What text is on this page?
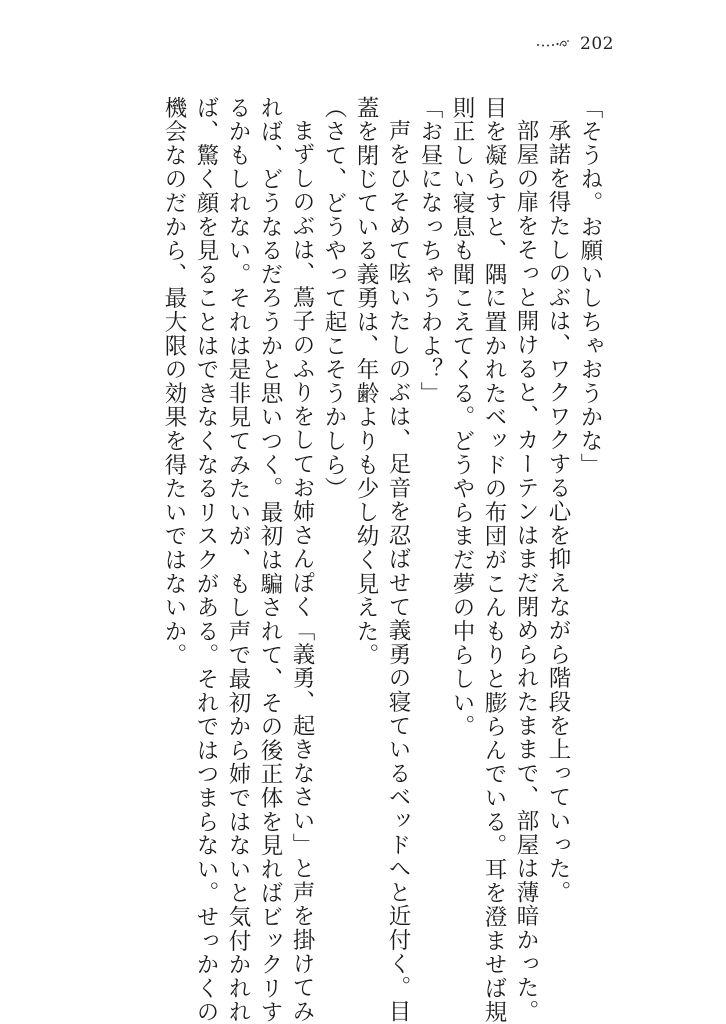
202
「そうね。お願いしちゃおうかな」
承諾を得たしのぶは、ワクワクする心を抑えながら階段を上っていった。
部屋の扉をそっと開けると、カーテンはまだ閉められたままで、部屋は薄暗かった。
目を凝らすと、隅に置かれたベッドの布団がこんもりと膨らんでいる。耳を澄ませば規
則正しい寝息も聞こえてくる。どうやらまだ夢の中らしい。
「お昼になっちゃうわよ？」
声をひそめて呟いたしのぶは、足音を忍ばせて義勇の寝ているベッドへと近付く。目
蓋を閉じている義勇は、年齢よりも少し幼く見えた。
（さて、どうやって起こそうかしら）
まずしのぶは、蔦子のふりをしてお姉さんぽく「義勇、起きなさい」と声を掛けてみ
れば、どうなるだろうかと思いつく。最初は騙されて、その後正体を見ればビックリす
るかもしれない。それは是非見てみたいが、もし声で最初から姉ではないと気付かれれ
ば、驚く顔を見ることはできなくなるリスクがある。それではつまらない。せっかくの
機会なのだから、最大限の効果を得たいではないか。
